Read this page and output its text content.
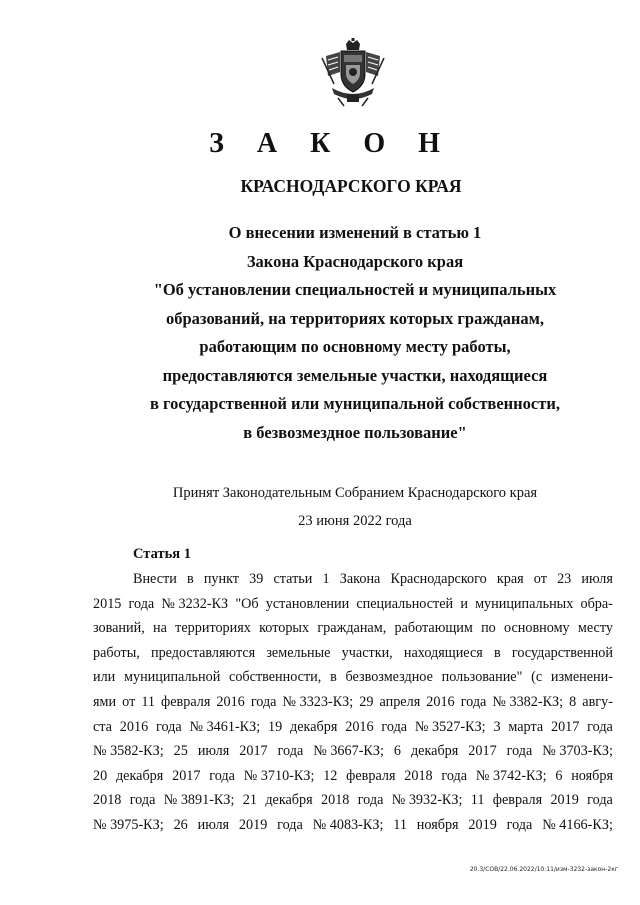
З А К О Н
КРАСНОДАРСКОГО КРАЯ
О внесении изменений в статью 1
Закона Краснодарского края
"Об установлении специальностей и муниципальных
образований, на территориях которых гражданам,
работающим по основному месту работы,
предоставляются земельные участки, находящиеся
в государственной или муниципальной собственности,
в безвозмездное пользование"
Принят Законодательным Собранием Краснодарского края
23 июня 2022 года
Статья 1
Внести в пункт 39 статьи 1 Закона Краснодарского края от 23 июля
2015 года № 3232-КЗ "Об установлении специальностей и муниципальных обра-
зований, на территориях которых гражданам, работающим по основному месту
работы, предоставляются земельные участки, находящиеся в государственной
или муниципальной собственности, в безвозмездное пользование" (с изменени-
ями от 11 февраля 2016 года № 3323-КЗ; 29 апреля 2016 года № 3382-КЗ; 8 авгу-
ста 2016 года № 3461-КЗ; 19 декабря 2016 года № 3527-КЗ; 3 марта 2017 года
№ 3582-КЗ; 25 июля 2017 года № 3667-КЗ; 6 декабря 2017 года № 3703-КЗ;
20 декабря 2017 года № 3710-КЗ; 12 февраля 2018 года № 3742-КЗ; 6 ноября
2018 года № 3891-КЗ; 21 декабря 2018 года № 3932-КЗ; 11 февраля 2019 года
№ 3975-КЗ; 26 июля 2019 года № 4083-КЗ; 11 ноября 2019 года № 4166-КЗ;
20.3/СОВ/22.06.2022/10:11/изм-3232-закон-2кг
